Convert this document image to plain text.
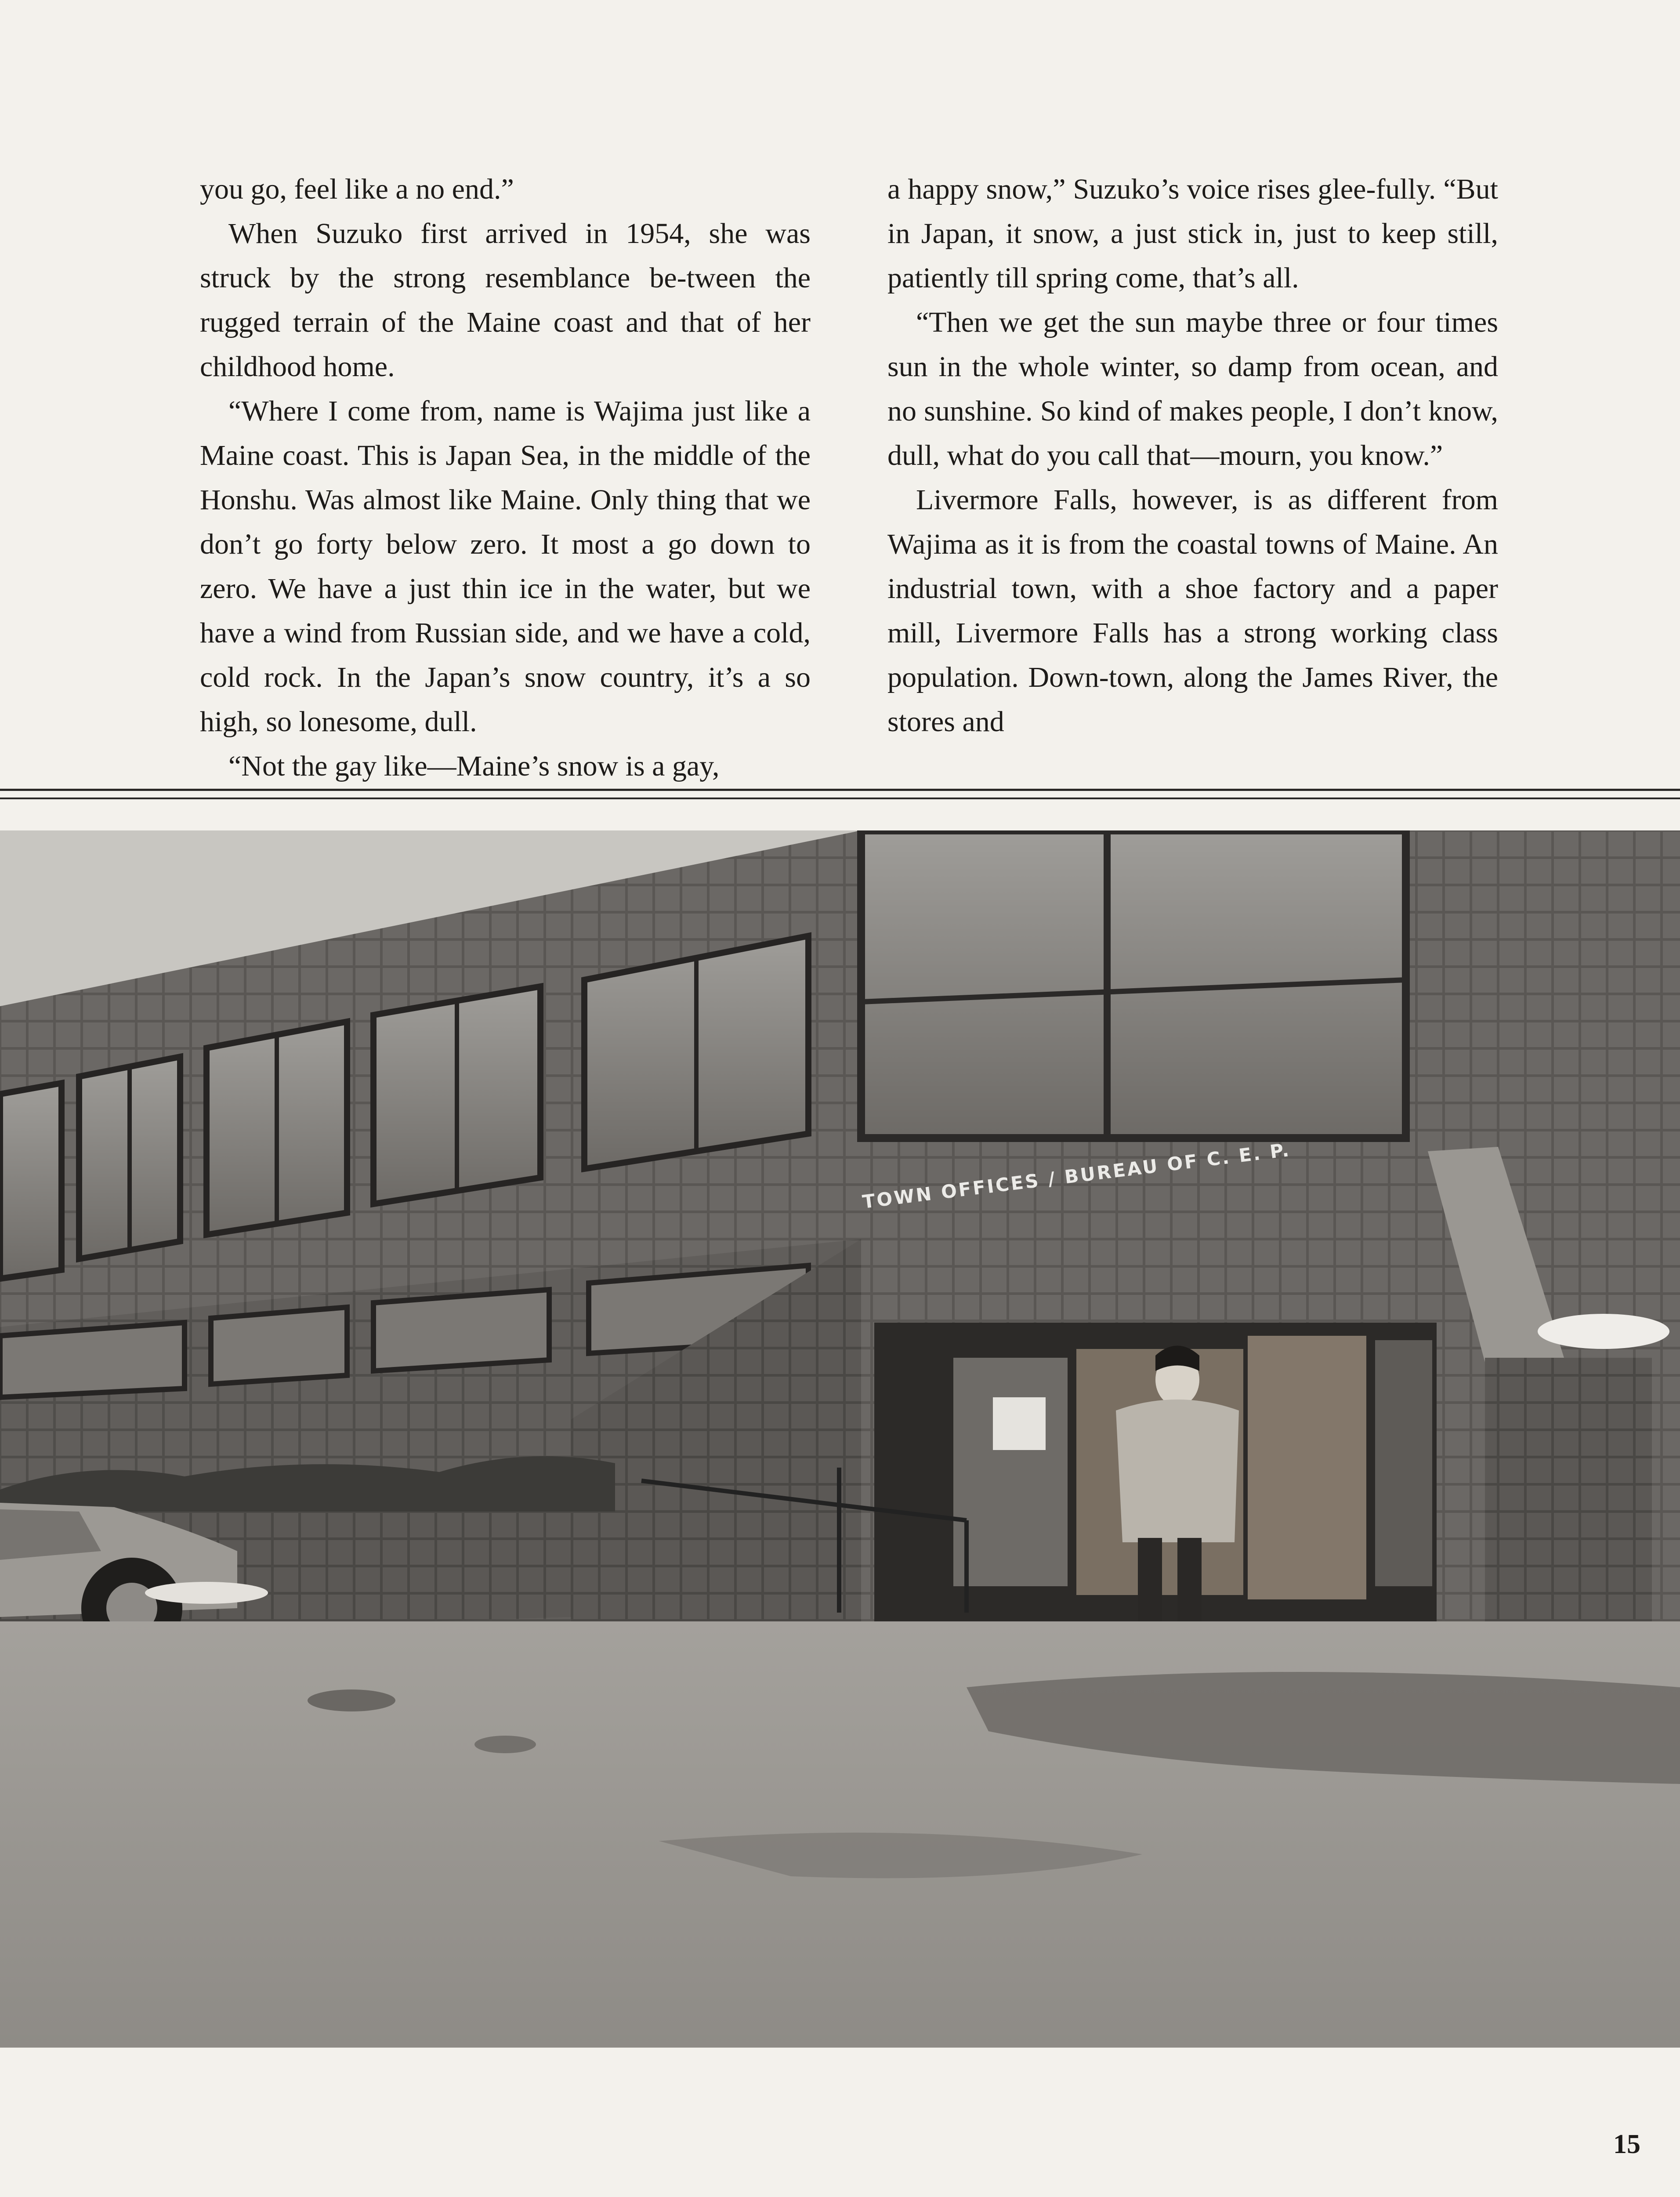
you go, feel like a no end.”

When Suzuko first arrived in 1954, she was struck by the strong resemblance be-tween the rugged terrain of the Maine coast and that of her childhood home.

“Where I come from, name is Wajima just like a Maine coast. This is Japan Sea, in the middle of the Honshu. Was almost like Maine. Only thing that we don’t go forty below zero. It most a go down to zero. We have a just thin ice in the water, but we have a wind from Russian side, and we have a cold, cold rock. In the Japan’s snow country, it’s a so high, so lonesome, dull.

“Not the gay like—Maine’s snow is a gay,

a happy snow,” Suzuko’s voice rises glee-fully. “But in Japan, it snow, a just stick in, just to keep still, patiently till spring come, that’s all.

“Then we get the sun maybe three or four times sun in the whole winter, so damp from ocean, and no sunshine. So kind of makes people, I don’t know, dull, what do you call that—mourn, you know.”

Livermore Falls, however, is as different from Wajima as it is from the coastal towns of Maine. An industrial town, with a shoe factory and a paper mill, Livermore Falls has a strong working class population. Down-town, along the James River, the stores and

TOWN OFFICES / BUREAU OF C. E. P.
15
